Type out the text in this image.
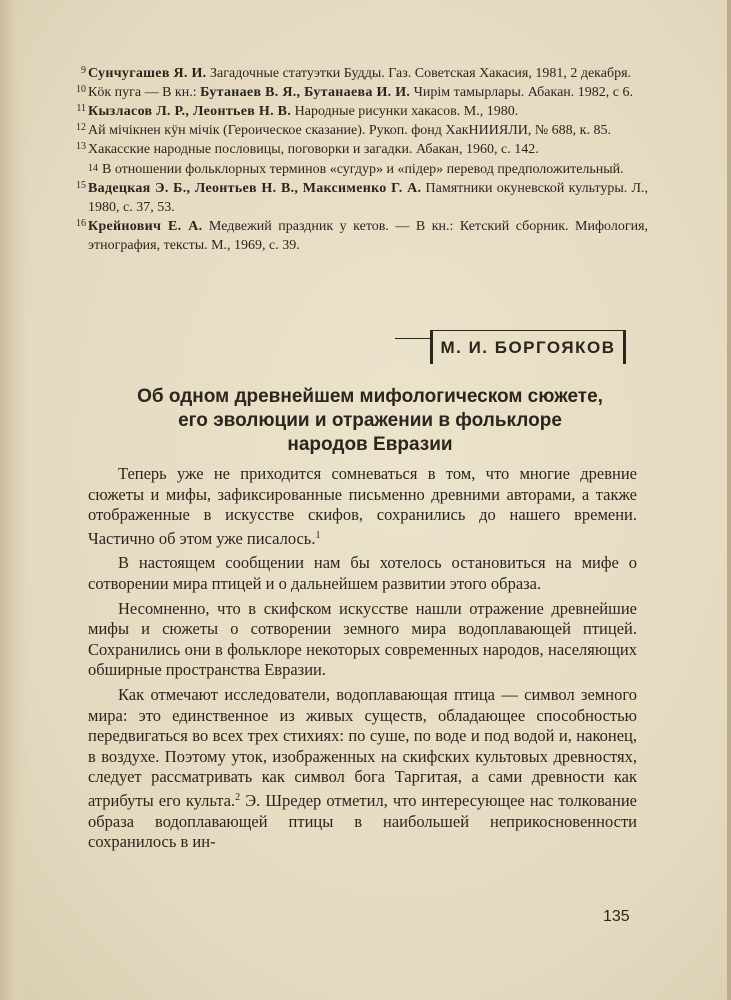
9 Сунчугашев Я. И. Загадочные статуэтки Будды. Газ. Советская Хакасия, 1981, 2 декабря.
10 Кӧк пуга — В кн.: Бутанаев В. Я., Бутанаева И. И. Чирім тамырлары. Абакан. 1982, с 6.
11 Кызласов Л. Р., Леонтьев Н. В. Народные рисунки хакасов. М., 1980.
12 Ай мічікнен кӱн мічік (Героическое сказание). Рукоп. фонд ХакНИИЯЛИ, № 688, к. 85.
13 Хакасские народные пословицы, поговорки и загадки. Абакан, 1960, с. 142.
14 В отношении фольклорных терминов «сугдур» и «підер» перевод предположительный.
15 Вадецкая Э. Б., Леонтьев Н. В., Максименко Г. А. Памятники окуневской культуры. Л., 1980, с. 37, 53.
16 Крейнович Е. А. Медвежий праздник у кетов. — В кн.: Кетский сборник. Мифология, этнография, тексты. М., 1969, с. 39.
М. И. БОРГОЯКОВ
Об одном древнейшем мифологическом сюжете,
его эволюции и отражении в фольклоре
народов Евразии

Теперь уже не приходится сомневаться в том, что многие древние сюжеты и мифы, зафиксированные письменно древними авторами, а также отображенные в искусстве скифов, сохранились до нашего времени. Частично об этом уже писалось.$^1$

В настоящем сообщении нам бы хотелось остановиться на мифе о сотворении мира птицей и о дальнейшем развитии этого образа.

Несомненно, что в скифском искусстве нашли отражение древнейшие мифы и сюжеты о сотворении земного мира водоплавающей птицей. Сохранились они в фольклоре некоторых современных народов, населяющих обширные пространства Евразии.

Как отмечают исследователи, водоплавающая птица — символ земного мира: это единственное из живых существ, обладающее способностью передвигаться во всех трех стихиях: по суше, по воде и под водой и, наконец, в воздухе. Поэтому уток, изображенных на скифских культовых древностях, следует рассматривать как символ бога Таргитая, а сами древности как атрибуты его культа.$^2$ Э. Шредер отметил, что интересующее нас толкование образа водоплавающей птицы в наибольшей неприкосновенности сохранилось в ин-

135
